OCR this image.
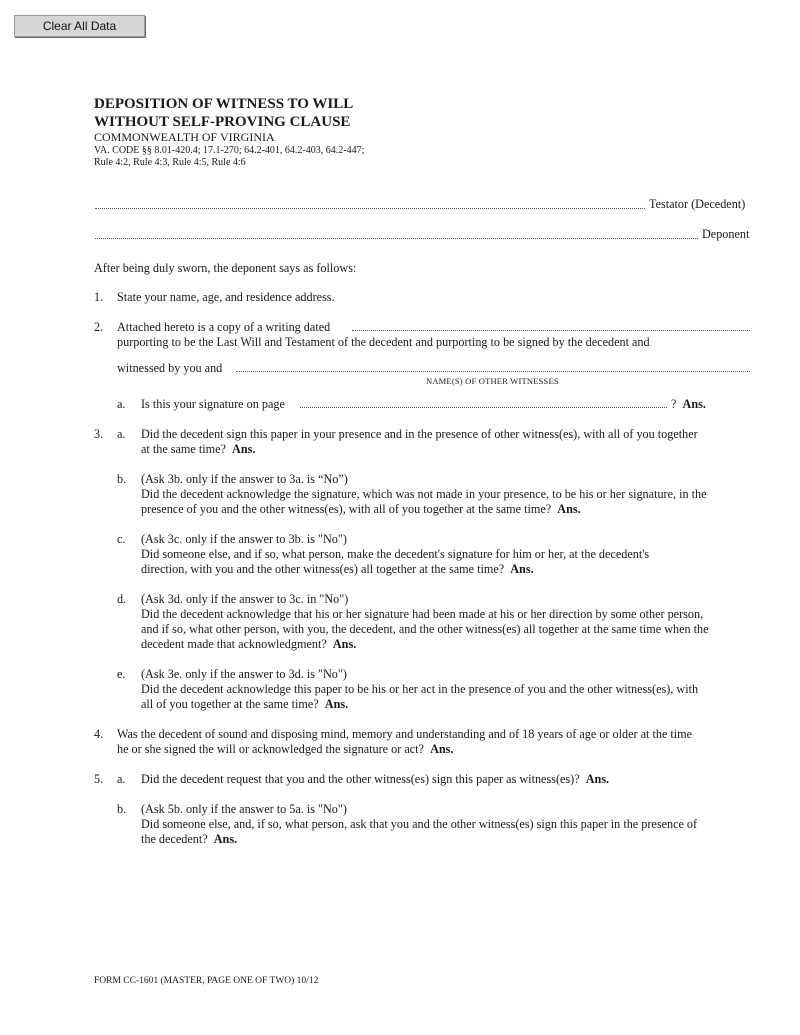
Clear All Data
DEPOSITION OF WITNESS TO WILL
WITHOUT SELF-PROVING CLAUSE
COMMONWEALTH OF VIRGINIA
VA. CODE §§ 8.01-420.4; 17.1-270; 64.2-401, 64.2-403, 64.2-447;
Rule 4:2, Rule 4:3, Rule 4:5, Rule 4:6
Testator (Decedent)
Deponent
After being duly sworn, the deponent says as follows:
1. State your name, age, and residence address.
2. Attached hereto is a copy of a writing dated
purporting to be the Last Will and Testament of the decedent and purporting to be signed by the decedent and
witnessed by you and
NAME(S) OF OTHER WITNESSES
a. Is this your signature on page	? Ans.
3. a. Did the decedent sign this paper in your presence and in the presence of other witness(es), with all of you together
at the same time? Ans.
b. (Ask 3b. only if the answer to 3a. is “No”)
Did the decedent acknowledge the signature, which was not made in your presence, to be his or her signature, in the
presence of you and the other witness(es), with all of you together at the same time? Ans.
c. (Ask 3c. only if the answer to 3b. is "No")
Did someone else, and if so, what person, make the decedent's signature for him or her, at the decedent's
direction, with you and the other witness(es) all together at the same time? Ans.
d. (Ask 3d. only if the answer to 3c. in "No")
Did the decedent acknowledge that his or her signature had been made at his or her direction by some other person,
and if so, what other person, with you, the decedent, and the other witness(es) all together at the same time when the
decedent made that acknowledgment? Ans.
e. (Ask 3e. only if the answer to 3d. is "No")
Did the decedent acknowledge this paper to be his or her act in the presence of you and the other witness(es), with
all of you together at the same time? Ans.
4. Was the decedent of sound and disposing mind, memory and understanding and of 18 years of age or older at the time
he or she signed the will or acknowledged the signature or act? Ans.
5. a. Did the decedent request that you and the other witness(es) sign this paper as witness(es)? Ans.
b. (Ask 5b. only if the answer to 5a. is "No")
Did someone else, and, if so, what person, ask that you and the other witness(es) sign this paper in the presence of
the decedent? Ans.
FORM CC-1601 (MASTER, PAGE ONE OF TWO) 10/12
